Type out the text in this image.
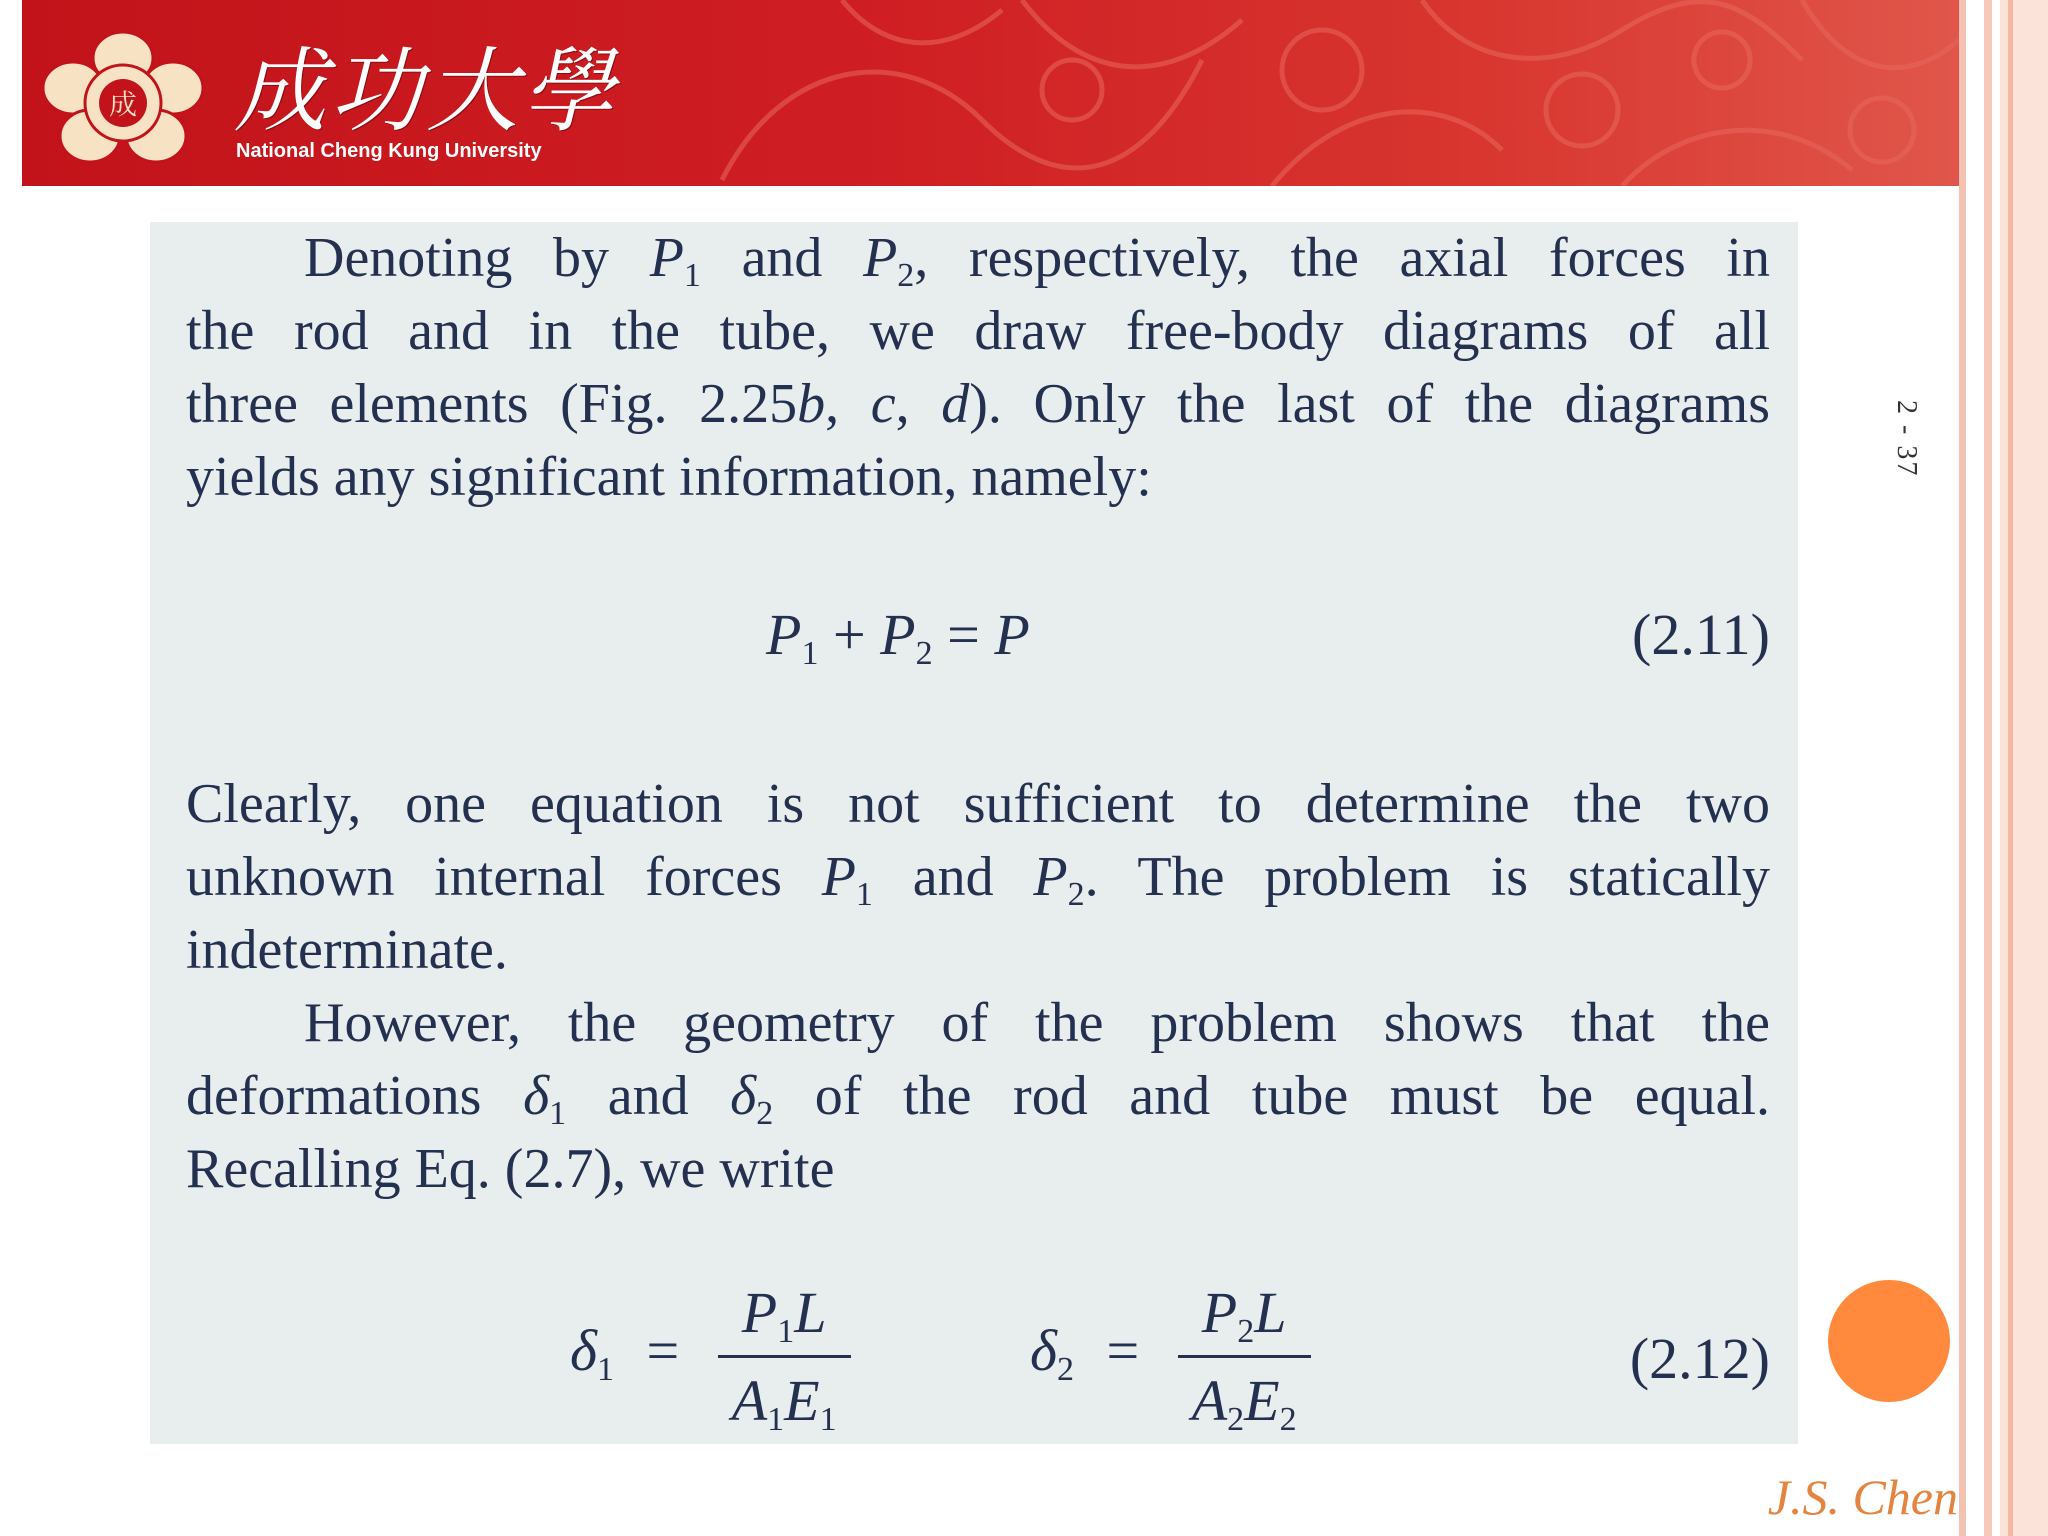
成 成功大學
National Cheng Kung University
2 - 37
Denoting by $P_1$ and $P_2$, respectively, the axial forces in
the rod and in the tube, we draw free-body diagrams of all
three elements (Fig. 2.25b, c, d). Only the last of the diagrams
yields any significant information, namely:
$P_1 + P_2 = P$	(2.11)
Clearly, one equation is not sufficient to determine the two
unknown internal forces $P_1$ and $P_2$. The problem is statically
indeterminate.
However, the geometry of the problem shows that the
deformations $\delta_1$ and $\delta_2$ of the rod and tube must be equal.
Recalling Eq. (2.7), we write
$\delta_1 = \frac{P_1L}{A_1E_1}$	$\delta_2 = \frac{P_2L}{A_2E_2}$	(2.12)
J.S. Chen
